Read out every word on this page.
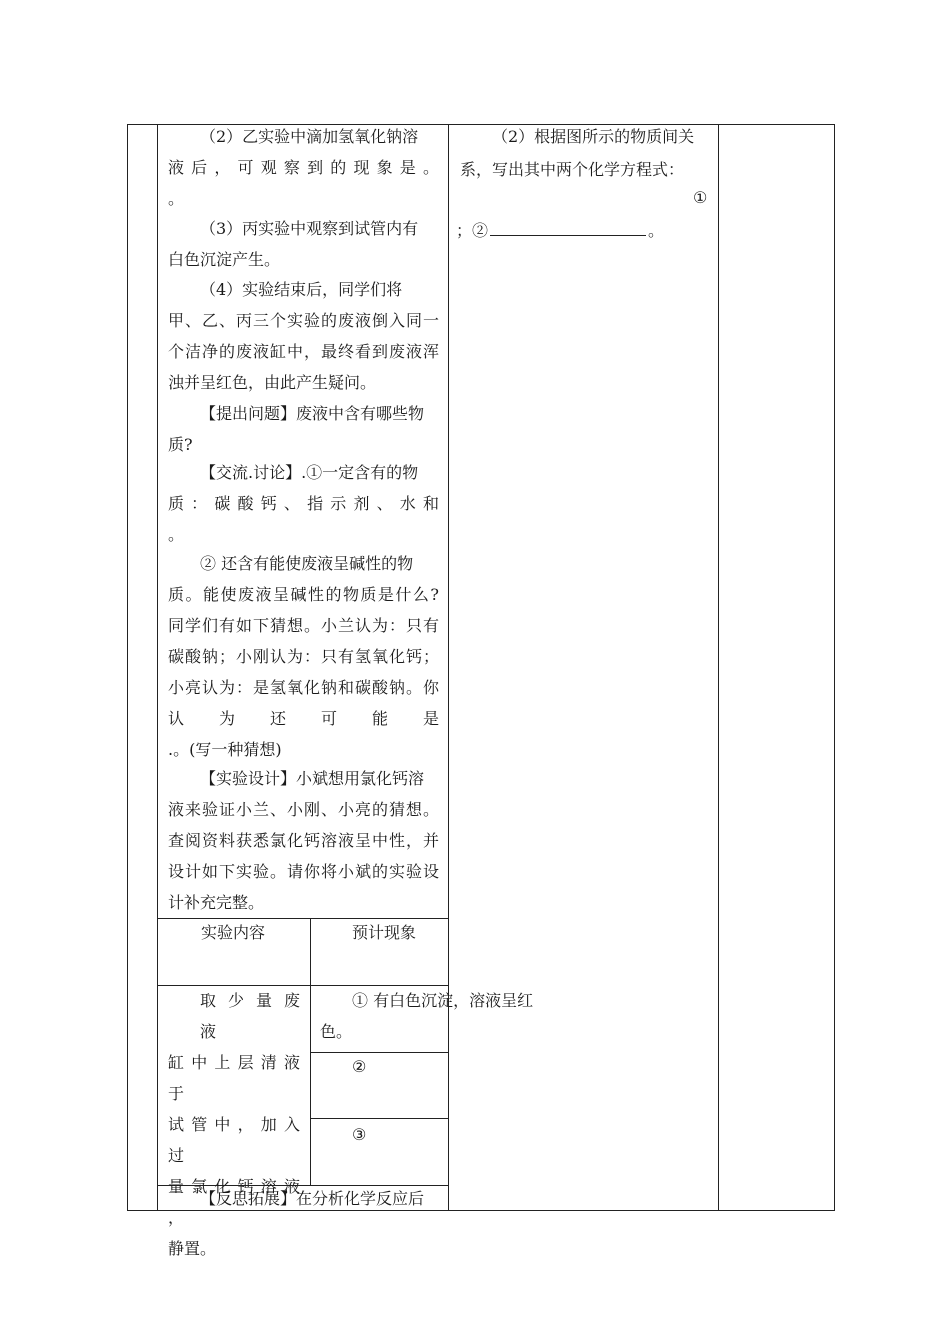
（2）乙实验中滴加氢氧化钠溶
液 后 ， 可 观 察 到 的 现 象 是 。
。
（3）丙实验中观察到试管内有
白色沉淀产生。
（4）实验结束后，同学们将
甲、乙、丙三个实验的废液倒入同一
个洁净的废液缸中，最终看到废液浑
浊并呈红色，由此产生疑问。
【提出问题】废液中含有哪些物
质?
【交流.讨论】.①一定含有的物
质 ： 碳 酸 钙 、 指 示 剂 、 水 和
。
② 还含有能使废液呈碱性的物
质。能使废液呈碱性的物质是什么?
同学们有如下猜想。小兰认为：只有
碳酸钠；小刚认为：只有氢氧化钙；
小亮认为：是氢氧化钠和碳酸钠。你
认 为 还 可 能 是
.。(写一种猜想)
【实验设计】小斌想用氯化钙溶
液来验证小兰、小刚、小亮的猜想。
查阅资料获悉氯化钙溶液呈中性，并
设计如下实验。请你将小斌的实验设
计补充完整。
实验内容	预计现象
取 少 量 废 液
缸 中 上 层 清 液 于
试 管 中 ， 加 入 过
量 氯 化 钙 溶 液 ，
静置。
① 有白色沉淀，溶液呈红
色。
②
③
【反思拓展】在分析化学反应后
（2）根据图所示的物质间关
系，写出其中两个化学方程式：
①
；②	。
